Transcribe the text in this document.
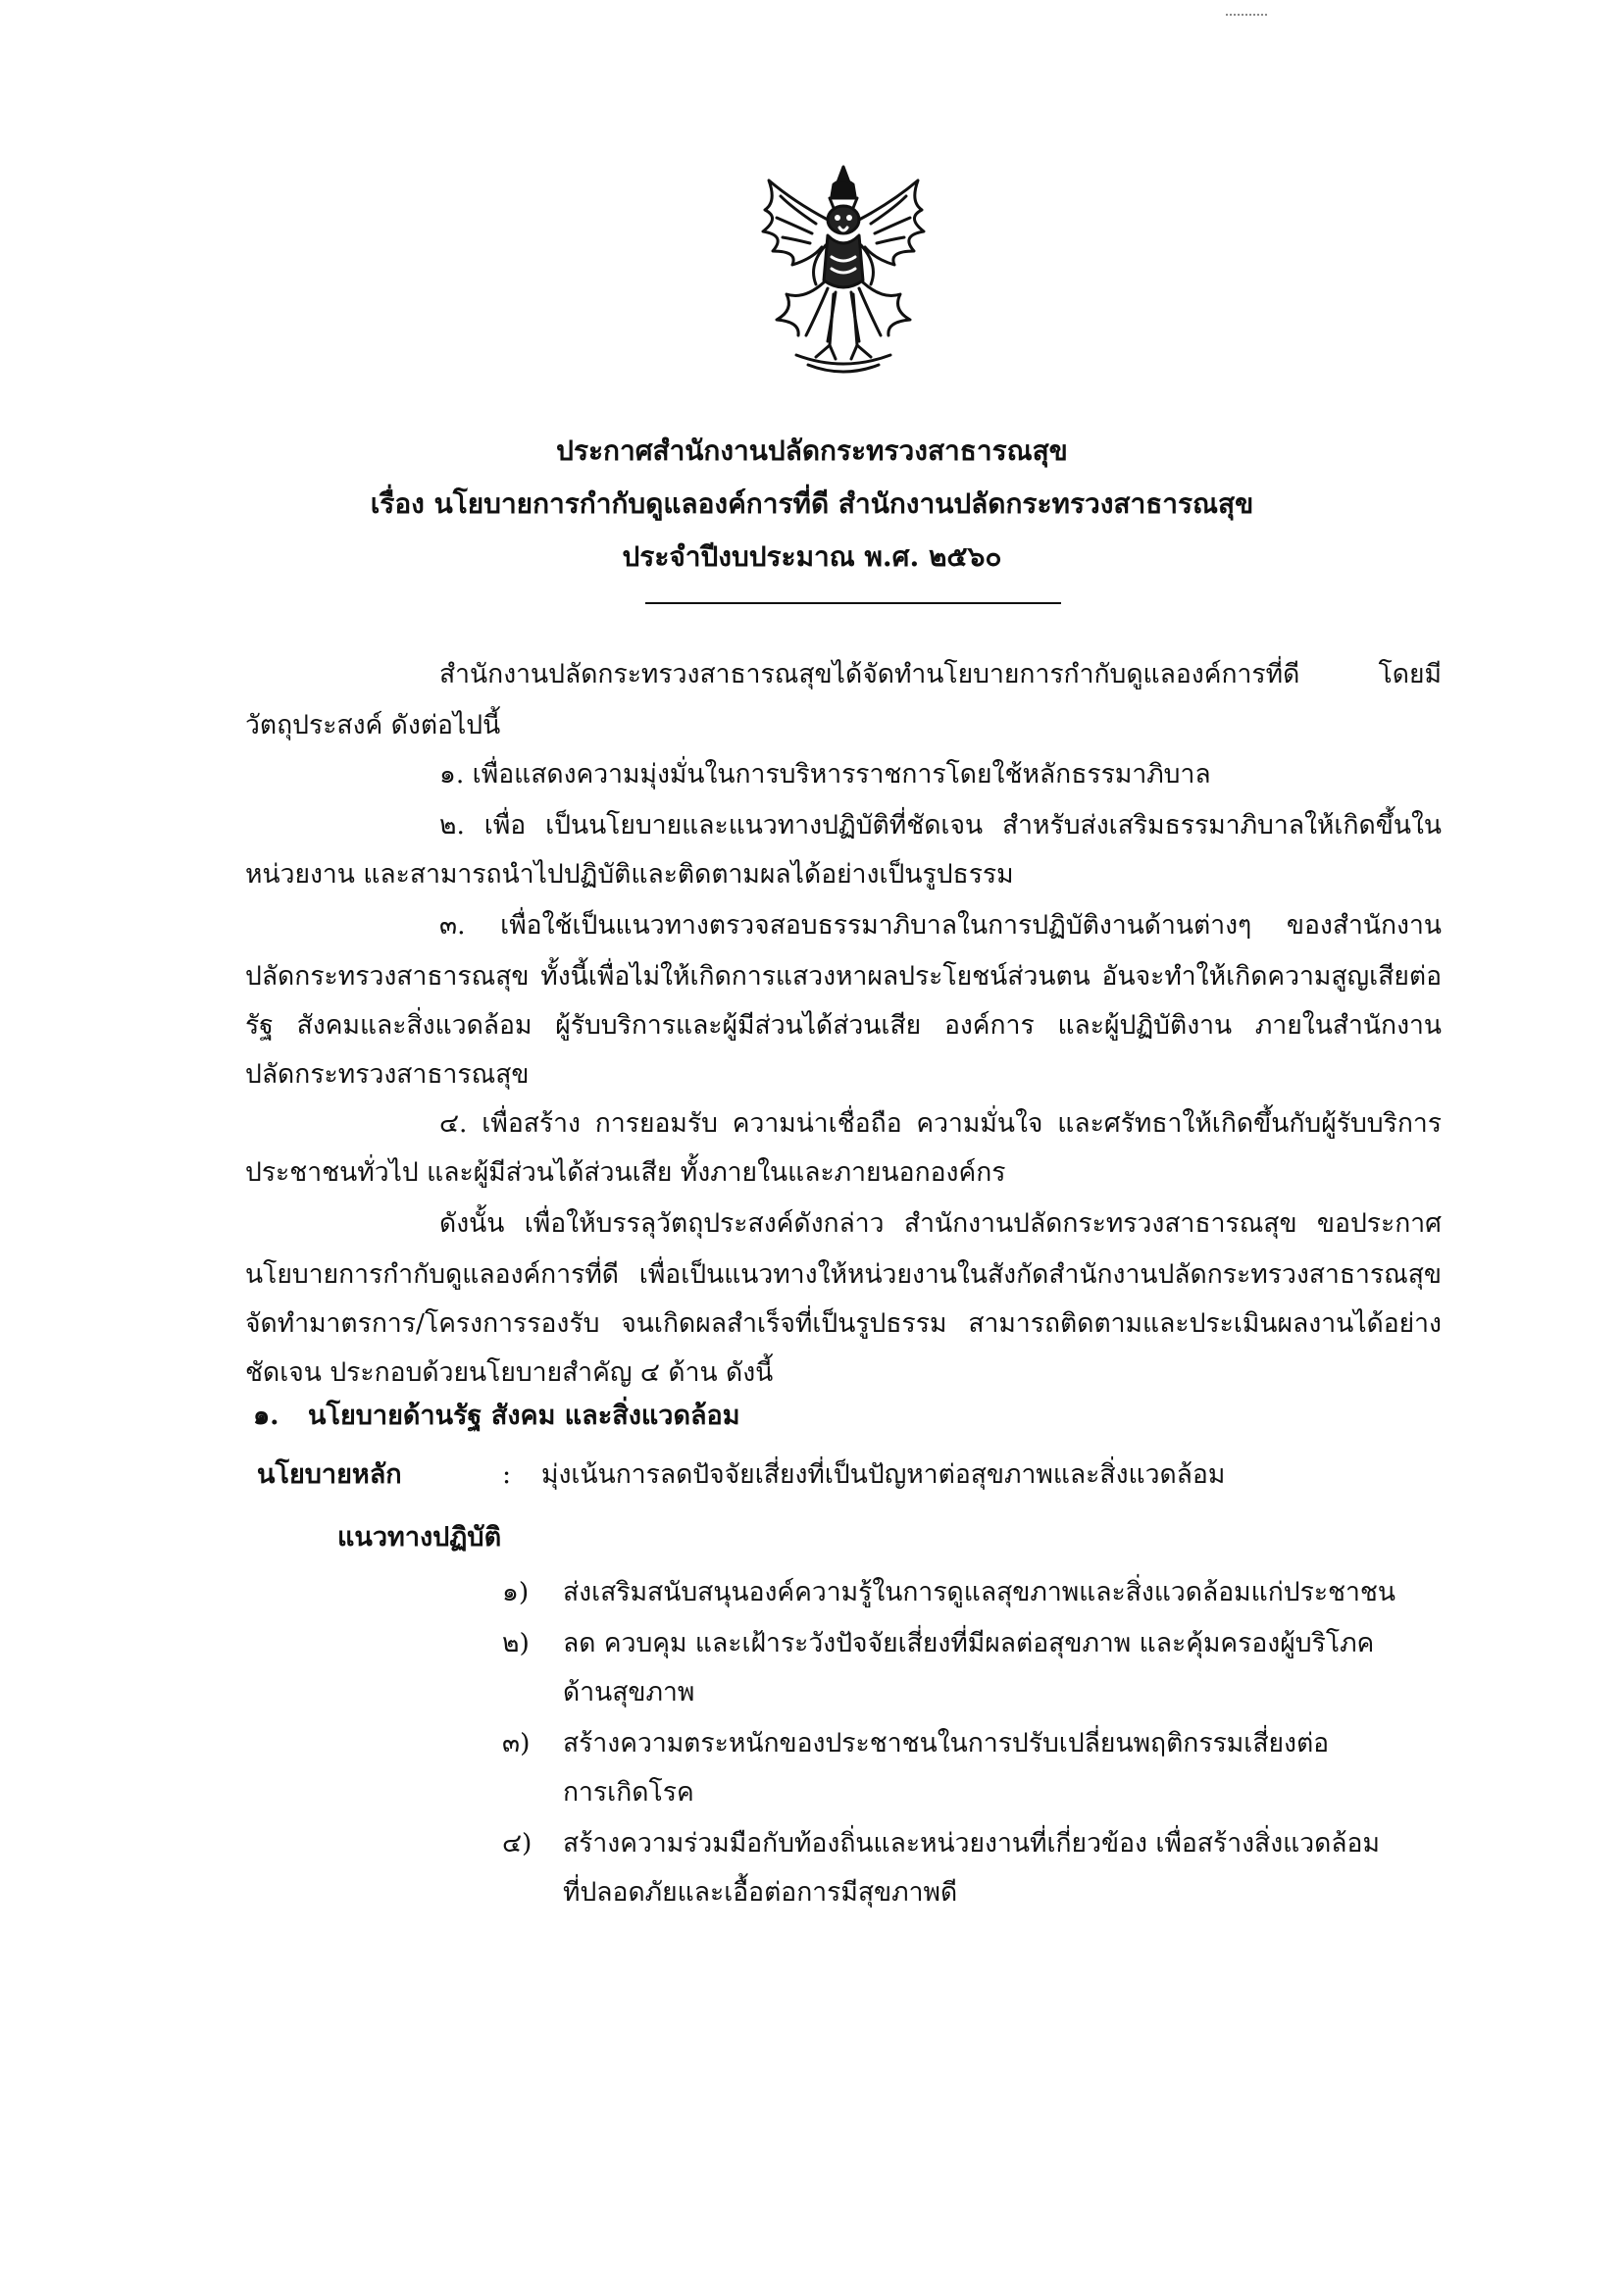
ประกาศสำนักงานปลัดกระทรวงสาธารณสุข
เรื่อง นโยบายการกำกับดูแลองค์การที่ดี สำนักงานปลัดกระทรวงสาธารณสุข
ประจำปีงบประมาณ พ.ศ. ๒๕๖๐
สำนักงานปลัดกระทรวงสาธารณสุขได้จัดทำนโยบายการกำกับดูแลองค์การที่ดี โดยมี
วัตถุประสงค์ ดังต่อไปนี้
๑. เพื่อแสดงความมุ่งมั่นในการบริหารราชการโดยใช้หลักธรรมาภิบาล
๒. เพื่อ เป็นนโยบายและแนวทางปฏิบัติที่ชัดเจน สำหรับส่งเสริมธรรมาภิบาลให้เกิดขึ้นใน
หน่วยงาน และสามารถนำไปปฏิบัติและติดตามผลได้อย่างเป็นรูปธรรม
๓. เพื่อใช้เป็นแนวทางตรวจสอบธรรมาภิบาลในการปฏิบัติงานด้านต่างๆ ของสำนักงาน
ปลัดกระทรวงสาธารณสุข ทั้งนี้เพื่อไม่ให้เกิดการแสวงหาผลประโยชน์ส่วนตน อันจะทำให้เกิดความสูญเสียต่อ
รัฐ สังคมและสิ่งแวดล้อม ผู้รับบริการและผู้มีส่วนได้ส่วนเสีย องค์การ และผู้ปฏิบัติงาน ภายในสำนักงาน
ปลัดกระทรวงสาธารณสุข
๔. เพื่อสร้าง การยอมรับ ความน่าเชื่อถือ ความมั่นใจ และศรัทธาให้เกิดขึ้นกับผู้รับบริการ
ประชาชนทั่วไป และผู้มีส่วนได้ส่วนเสีย ทั้งภายในและภายนอกองค์กร
ดังนั้น เพื่อให้บรรลุวัตถุประสงค์ดังกล่าว สำนักงานปลัดกระทรวงสาธารณสุข ขอประกาศ
นโยบายการกำกับดูแลองค์การที่ดี เพื่อเป็นแนวทางให้หน่วยงานในสังกัดสำนักงานปลัดกระทรวงสาธารณสุข
จัดทำมาตรการ/โครงการรองรับ จนเกิดผลสำเร็จที่เป็นรูปธรรม สามารถติดตามและประเมินผลงานได้อย่าง
ชัดเจน ประกอบด้วยนโยบายสำคัญ ๔ ด้าน ดังนี้
๑. นโยบายด้านรัฐ สังคม และสิ่งแวดล้อม
นโยบายหลัก	: มุ่งเน้นการลดปัจจัยเสี่ยงที่เป็นปัญหาต่อสุขภาพและสิ่งแวดล้อม
แนวทางปฏิบัติ
๑) ส่งเสริมสนับสนุนองค์ความรู้ในการดูแลสุขภาพและสิ่งแวดล้อมแก่ประชาชน
๒) ลด ควบคุม และเฝ้าระวังปัจจัยเสี่ยงที่มีผลต่อสุขภาพ และคุ้มครองผู้บริโภค
ด้านสุขภาพ
๓) สร้างความตระหนักของประชาชนในการปรับเปลี่ยนพฤติกรรมเสี่ยงต่อ
การเกิดโรค
๔) สร้างความร่วมมือกับท้องถิ่นและหน่วยงานที่เกี่ยวข้อง เพื่อสร้างสิ่งแวดล้อม
ที่ปลอดภัยและเอื้อต่อการมีสุขภาพดี
